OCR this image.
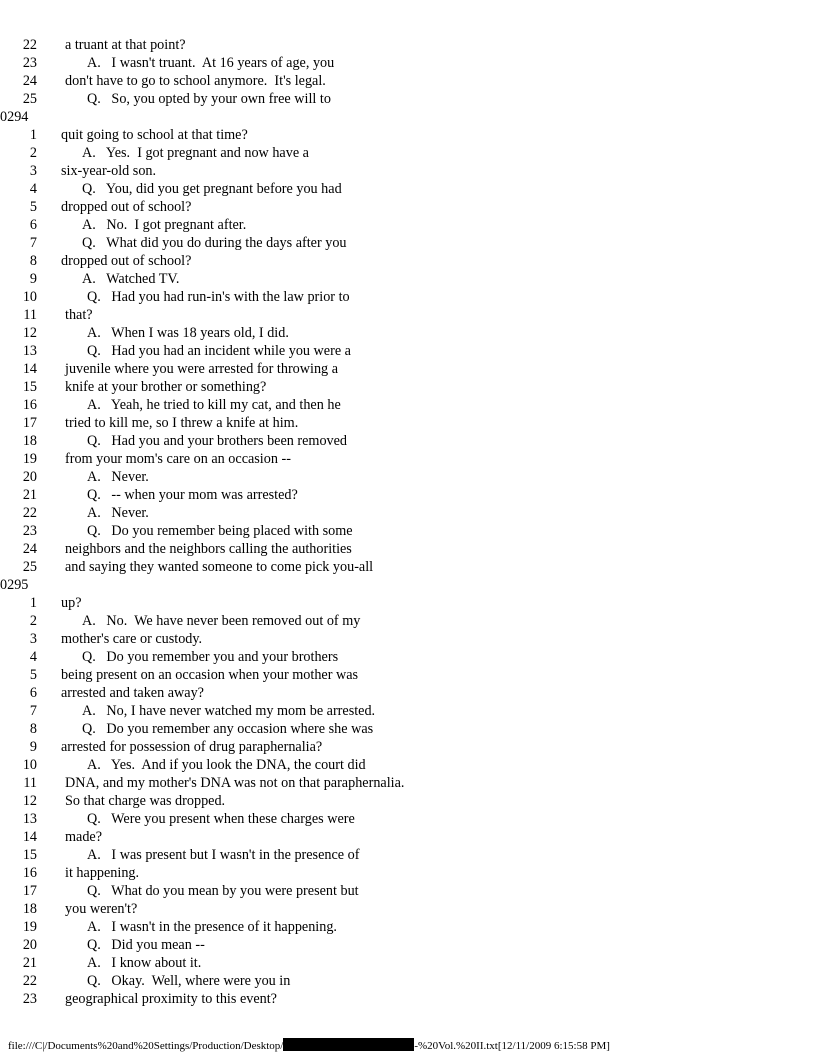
22 a truant at that point?
23	A.   I wasn't truant.  At 16 years of age, you
24 don't have to go to school anymore.  It's legal.
25	Q.   So, you opted by your own free will to
0294
1 quit going to school at that time?
2	A.   Yes.  I got pregnant and now have a
3 six-year-old son.
4	Q.   You, did you get pregnant before you had
5 dropped out of school?
6	A.   No.  I got pregnant after.
7	Q.   What did you do during the days after you
8 dropped out of school?
9	A.   Watched TV.
10	Q.   Had you had run-in's with the law prior to
11 that?
12	A.   When I was 18 years old, I did.
13	Q.   Had you had an incident while you were a
14 juvenile where you were arrested for throwing a
15 knife at your brother or something?
16	A.   Yeah, he tried to kill my cat, and then he
17 tried to kill me, so I threw a knife at him.
18	Q.   Had you and your brothers been removed
19 from your mom's care on an occasion --
20	A.   Never.
21	Q.   -- when your mom was arrested?
22	A.   Never.
23	Q.   Do you remember being placed with some
24 neighbors and the neighbors calling the authorities
25 and saying they wanted someone to come pick you-all
0295
1 up?
2	A.   No.  We have never been removed out of my
3 mother's care or custody.
4	Q.   Do you remember you and your brothers
5 being present on an occasion when your mother was
6 arrested and taken away?
7	A.   No, I have never watched my mom be arrested.
8	Q.   Do you remember any occasion where she was
9 arrested for possession of drug paraphernalia?
10	A.   Yes.  And if you look the DNA, the court did
11 DNA, and my mother's DNA was not on that paraphernalia.
12 So that charge was dropped.
13	Q.   Were you present when these charges were
14 made?
15	A.   I was present but I wasn't in the presence of
16 it happening.
17	Q.   What do you mean by you were present but
18 you weren't?
19	A.   I wasn't in the presence of it happening.
20	Q.   Did you mean --
21	A.   I know about it.
22	Q.   Okay.  Well, where were you in
23 geographical proximity to this event?
file:///C|/Documents%20and%20Settings/Production/Desktop/	-%20Vol.%20II.txt[12/11/2009 6:15:58 PM]
